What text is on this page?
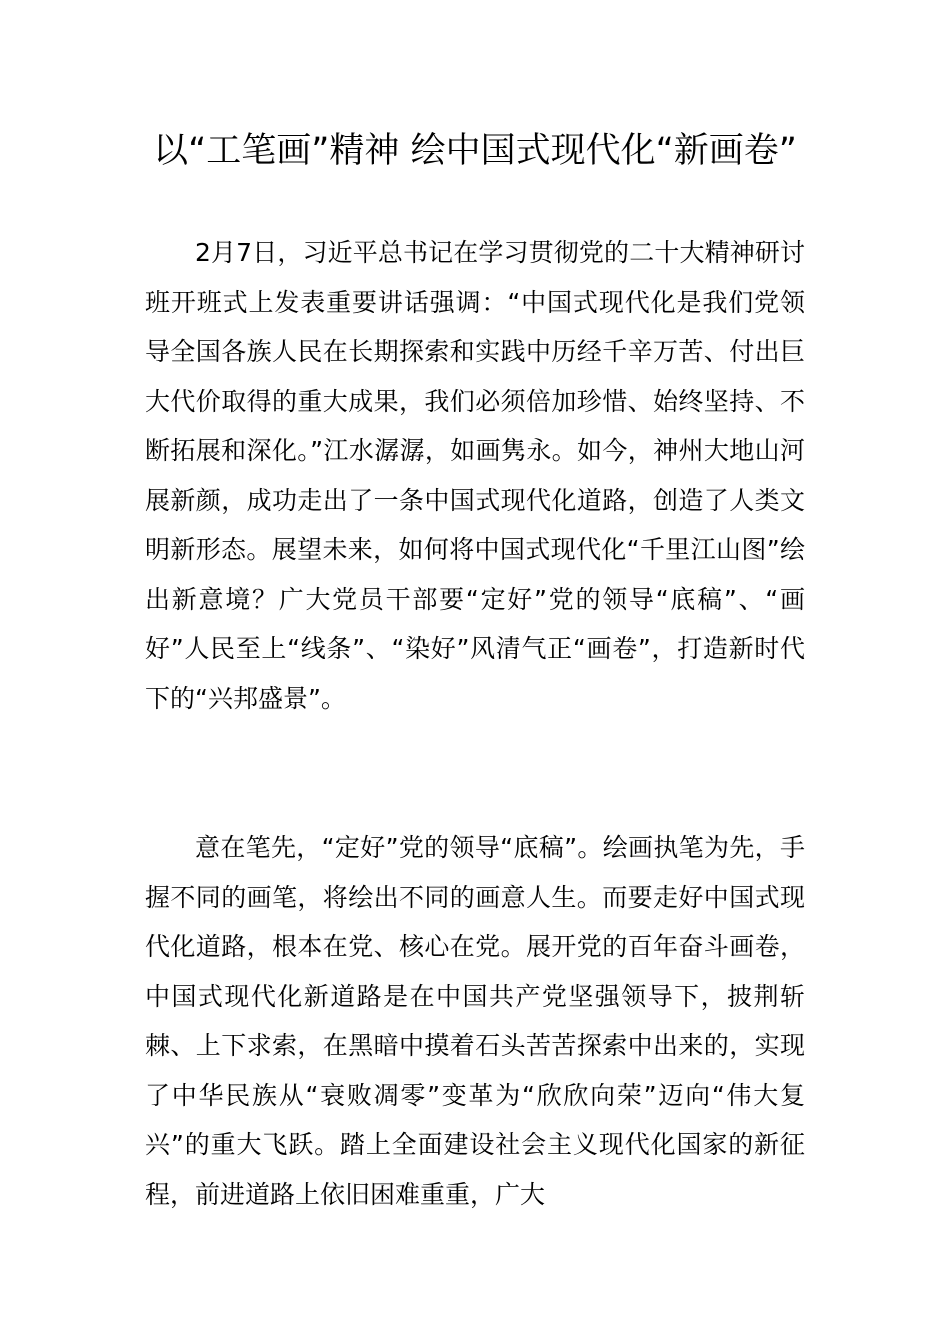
以“工笔画”精神 绘中国式现代化“新画卷”

2月7日，习近平总书记在学习贯彻党的二十大精神研讨班开班式上发表重要讲话强调：“中国式现代化是我们党领导全国各族人民在长期探索和实践中历经千辛万苦、付出巨大代价取得的重大成果，我们必须倍加珍惜、始终坚持、不断拓展和深化。”江水潺潺，如画隽永。如今，神州大地山河展新颜，成功走出了一条中国式现代化道路，创造了人类文明新形态。展望未来，如何将中国式现代化“千里江山图”绘出新意境？广大党员干部要“定好”党的领导“底稿”、“画好”人民至上“线条”、“染好”风清气正“画卷”，打造新时代下的“兴邦盛景”。

意在笔先，“定好”党的领导“底稿”。绘画执笔为先，手握不同的画笔，将绘出不同的画意人生。而要走好中国式现代化道路，根本在党、核心在党。展开党的百年奋斗画卷，中国式现代化新道路是在中国共产党坚强领导下，披荆斩棘、上下求索，在黑暗中摸着石头苦苦探索中出来的，实现了中华民族从“衰败凋零”变革为“欣欣向荣”迈向“伟大复兴”的重大飞跃。踏上全面建设社会主义现代化国家的新征程，前进道路上依旧困难重重，广大
